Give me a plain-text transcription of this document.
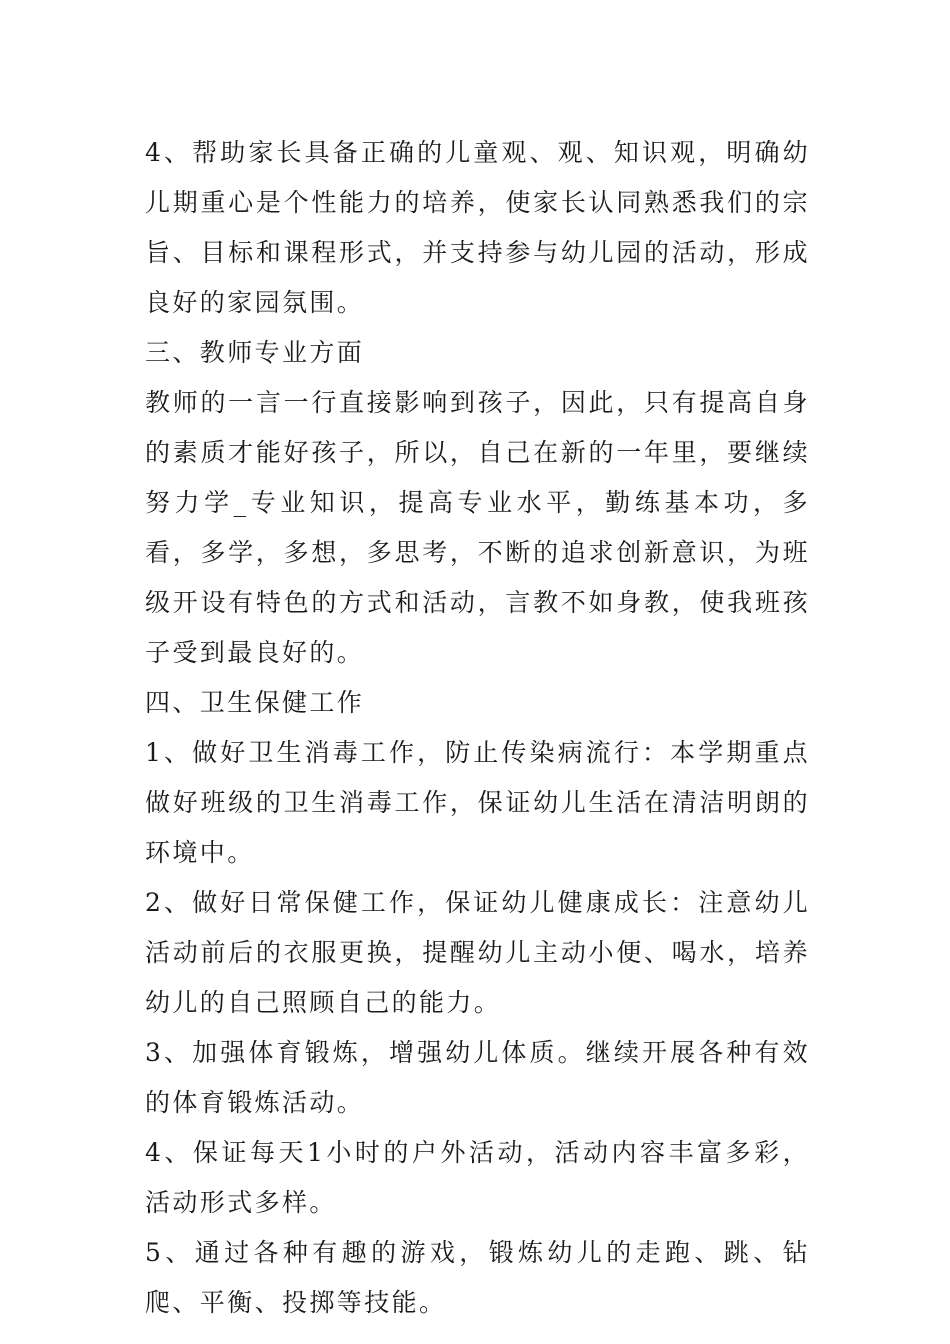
4、帮助家长具备正确的儿童观、观、知识观，明确幼儿期重心是个性能力的培养，使家长认同熟悉我们的宗旨、目标和课程形式，并支持参与幼儿园的活动，形成良好的家园氛围。

三、教师专业方面

教师的一言一行直接影响到孩子，因此，只有提高自身的素质才能好孩子，所以，自己在新的一年里，要继续努力学_专业知识，提高专业水平，勤练基本功，多看，多学，多想，多思考，不断的追求创新意识，为班级开设有特色的方式和活动，言教不如身教，使我班孩子受到最良好的。

四、卫生保健工作

1、做好卫生消毒工作，防止传染病流行：本学期重点做好班级的卫生消毒工作，保证幼儿生活在清洁明朗的环境中。

2、做好日常保健工作，保证幼儿健康成长：注意幼儿活动前后的衣服更换，提醒幼儿主动小便、喝水，培养幼儿的自己照顾自己的能力。

3、加强体育锻炼，增强幼儿体质。继续开展各种有效的体育锻炼活动。

4、保证每天1小时的户外活动，活动内容丰富多彩，活动形式多样。

5、通过各种有趣的游戏，锻炼幼儿的走跑、跳、钻爬、平衡、投掷等技能。
